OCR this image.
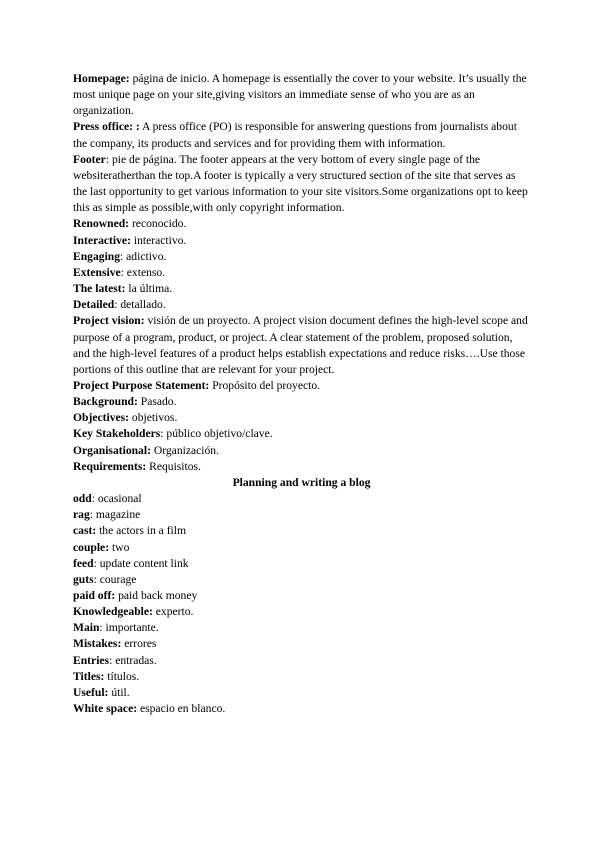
Homepage: página de inicio. A homepage is essentially the cover to your website. It’s usually the most unique page on your site,giving visitors an immediate sense of who you are as an organization.

Press office: : A press office (PO) is responsible for answering questions from journalists about the company, its products and services and for providing them with information.

Footer: pie de página. The footer appears at the very bottom of every single page of the websiteratherthan the top.A footer is typically a very structured section of the site that serves as the last opportunity to get various information to your site visitors.Some organizations opt to keep this as simple as possible,with only copyright information.

Renowned: reconocido.

Interactive: interactivo.

Engaging: adictivo.

Extensive: extenso.

The latest: la última.

Detailed: detallado.

Project vision: visión de un proyecto. A project vision document defines the high-level scope and purpose of a program, product, or project. A clear statement of the problem, proposed solution, and the high-level features of a product helps establish expectations and reduce risks….Use those portions of this outline that are relevant for your project.

Project Purpose Statement: Propósito del proyecto.

Background: Pasado.

Objectives: objetivos.

Key Stakeholders: público objetivo/clave.

Organisational: Organización.

Requirements: Requisitos.

Planning and writing a blog

odd: ocasional

rag: magazine

cast: the actors in a film

couple: two

feed: update content link

guts: courage

paid off: paid back money

Knowledgeable: experto.

Main: importante.

Mistakes: errores

Entries: entradas.

Titles: títulos.

Useful: útil.

White space: espacio en blanco.
